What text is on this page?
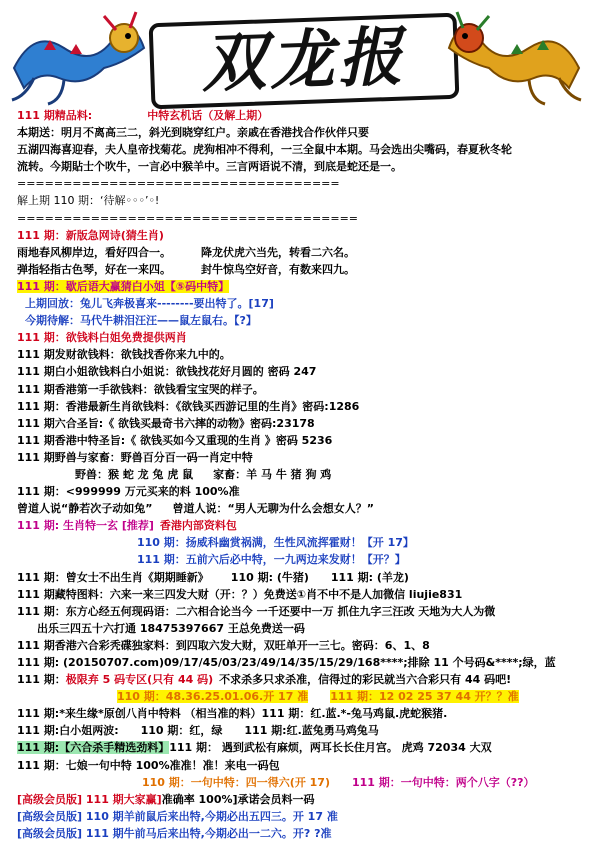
双龙报
111 期精品料:	中特玄机话（及解上期）
本期送：明月不离高三二，斜光到晓穿红户。亲戚在香港找合作伙伴只要
五湖四海喜迎春，夫人皇帝找菊花。虎狗相冲不得利，一三全鼠中本期。马会选出尖嘴码，春夏秋冬轮
流转。今期貼士个吹牛，一言必中猴羊中。三言两语说不清，到底是蛇还是一。
===================================
解上期 110 期：‘待解◦◦◦’◦!
=====================================
111 期：新版急网诗(猜生肖)
雨地春风柳岸边，看好四合一。	降龙伏虎六当先，转看二六名。
弹指轻指古色琴，好在一来四。	封牛惊鸟空好音，有数来四九。
111 期：歇后语大赢猜白小姐【⑤码中特】
上期回放：兔儿飞奔极喜来--------要出特了。[17]
今期待解：马代牛耕泪汪汪——鼠左鼠右。【?】
111 期：欲钱料白姐免费提供两肖
111 期发财欲钱料：欲钱找香你来九中的。
111 期白小姐欲钱料白小姐说：欲钱找花好月圆的 密码 247
111 期香港第一手欲钱料：欲钱看宝宝哭的样子。
111 期：香港最新生肖欲钱料：《欲钱买西游记里的生肖》密码:1286
111 期六合圣旨:《 欲钱买最奇书六摔的动物》密码:23178
111 期香港中特圣旨:《 欲钱买如今又重现的生肖 》密码 5236
111 期野兽与家畜：野兽百分百一码一肖定中特
野兽：猴 蛇 龙 兔 虎 鼠 家畜：羊 马 牛 猪 狗 鸡
111 期：<999999 万元买来的料 100%准
曾道人说“静若次子动如兔” 曾道人说：“男人无聊为什么会想女人？”
111 期: 生肖特一玄 [推荐] 香港内部资料包
110 期：扬威科幽赏祸满，生性风流挥霍财！【开 17】
111 期：五前六后必中特，一九两边来发财！【开？】
111 期：曾女士不出生肖《期期睡新》 110 期: (牛猪) 111 期: (羊龙)
111 期藏特图料：六来一来三四发大财（开：？）免费送①肖不中不是人加微信 liujie831
111 期：东方心经五何现码语：二六相合论当今 一千还要中一万 抓住九字三汪改 天地为大人为微
出乐三四五十六打通 18475397667 王总免费送一码
111 期香港六合彩秃碟独家料：到四取六发大财，双旺单开一三七。密码：6、1、8
111 期: (20150707.com)09/17/45/03/23/49/14/35/15/29/168****;排除 11 个号码&****;绿，蓝
111 期：极限弃 5 码专区(只有 44 码) 不求杀多只求杀准，信得过的彩民就当六合彩只有 44 码吧!
110 期：48.36.25.01.06.开 17 准 111 期：12 02 25 37 44 开？？准
111 期:*来生缘*原创八肖中特料 （相当准的料）111 期：红.蓝.*-兔马鸡鼠.虎蛇猴猪.
111 期:白小姐两波: 110 期：红，绿 111 期:红.蓝兔勇马鸡兔马
111 期:【六合杀手精选劲料】111 期： 遇到武松有麻烦，两耳长长住月宫。 虎鸡 72034 大双
111 期：七娘一句中特 100%准准！准！来电一码包
110 期：一句中特：四一得六(开 17) 111 期：一句中特：两个八字（??）
[高级会员版] 111 期大家赢]准确率 100%]承诺会员料一码
[高级会员版] 110 期羊前鼠后来出特,今期必出五四三。开 17 准
[高级会员版] 111 期牛前马后来出特,今期必出一二六。开? ?准
